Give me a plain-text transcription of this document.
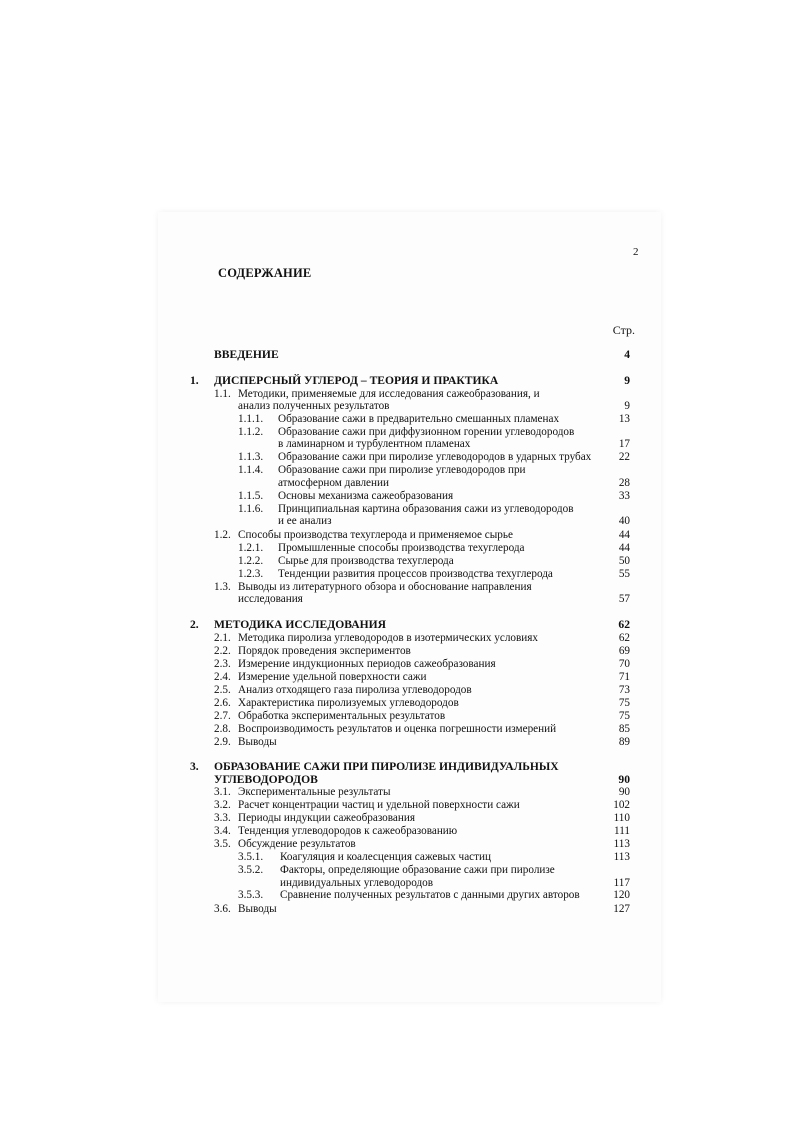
2
СОДЕРЖАНИЕ
Стр.
ВВЕДЕНИЕ	4
1. ДИСПЕРСНЫЙ УГЛЕРОД – ТЕОРИЯ И ПРАКТИКА	9
1.1. Методики, применяемые для исследования сажеобразования, и
анализ полученных результатов	9
1.1.1. Образование сажи в предварительно смешанных пламенах	13
1.1.2. Образование сажи при диффузионном горении углеводородов
в ламинарном и турбулентном пламенах	17
1.1.3. Образование сажи при пиролизе углеводородов в ударных трубах 22
1.1.4. Образование сажи при пиролизе углеводородов при
атмосферном давлении	28
1.1.5. Основы механизма сажеобразования	33
1.1.6. Принципиальная картина образования сажи из углеводородов
и ее анализ	40
1.2. Способы производства техуглерода и применяемое сырье	44
1.2.1. Промышленные способы производства техуглерода	44
1.2.2. Сырье для производства техуглерода	50
1.2.3. Тенденции развития процессов производства техуглерода	55
1.3. Выводы из литературного обзора и обоснование направления
исследования	57
2. МЕТОДИКА ИССЛЕДОВАНИЯ	62
2.1. Методика пиролиза углеводородов в изотермических условиях	62
2.2. Порядок проведения экспериментов	69
2.3. Измерение индукционных периодов сажеобразования	70
2.4. Измерение удельной поверхности сажи	71
2.5. Анализ отходящего газа пиролиза углеводородов	73
2.6. Характеристика пиролизуемых углеводородов	75
2.7. Обработка экспериментальных результатов	75
2.8. Воспроизводимость результатов и оценка погрешности измерений	85
2.9. Выводы	89
3. ОБРАЗОВАНИЕ САЖИ ПРИ ПИРОЛИЗЕ ИНДИВИДУАЛЬНЫХ
УГЛЕВОДОРОДОВ	90
3.1. Экспериментальные результаты	90
3.2. Расчет концентрации частиц и удельной поверхности сажи	102
3.3. Периоды индукции сажеобразования	110
3.4. Тенденция углеводородов к сажеобразованию	111
3.5. Обсуждение результатов	113
3.5.1. Коагуляция и коалесценция сажевых частиц	113
3.5.2. Факторы, определяющие образование сажи при пиролизе
индивидуальных углеводородов	117
3.5.3. Сравнение полученных результатов с данными других авторов	120
3.6. Выводы	127
